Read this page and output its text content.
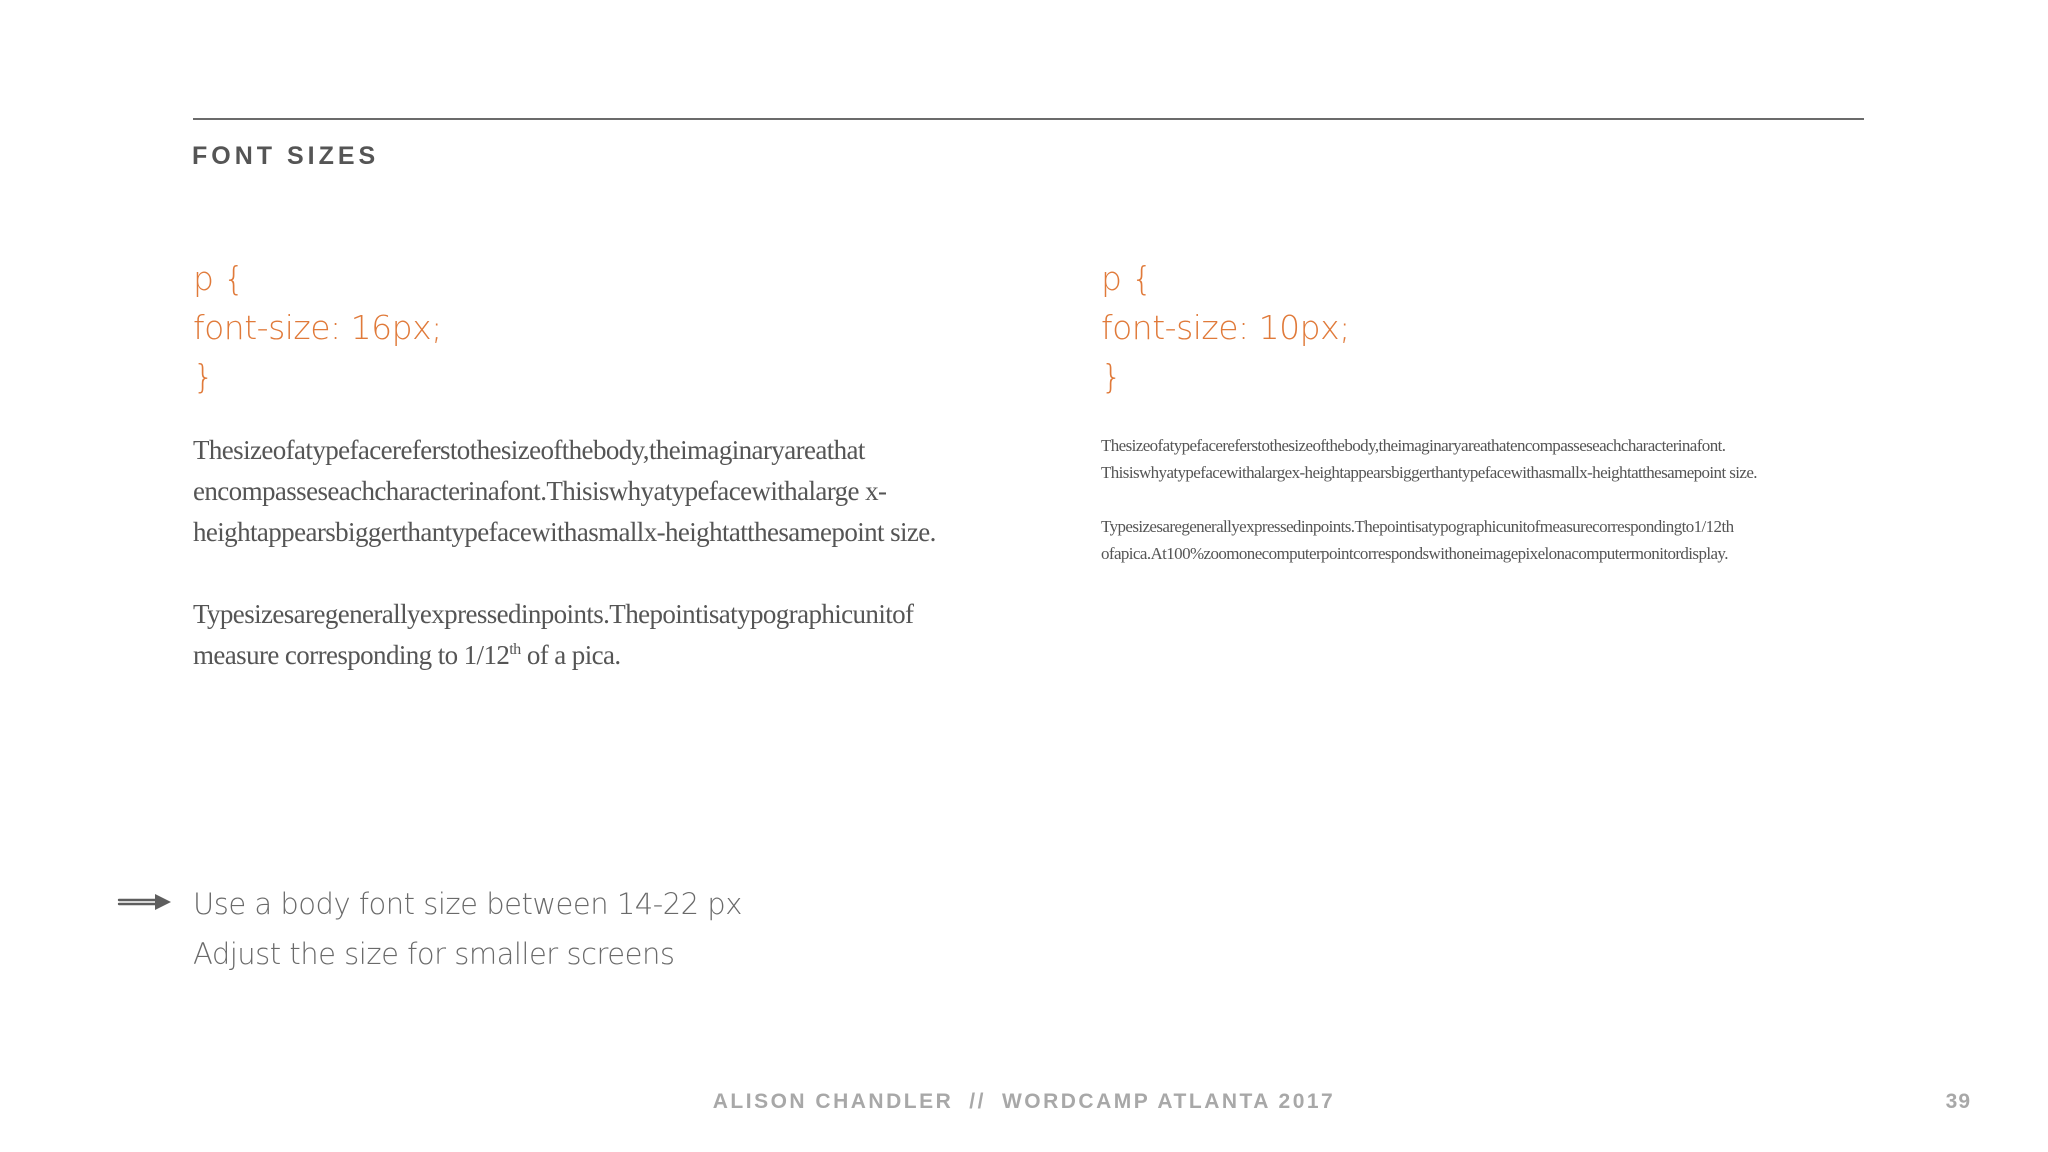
FONT SIZES
p {
font-size: 16px;
}
p {
font-size: 10px;
}

Thesizeofatypefacereferstothesizeofthebody,theimaginaryareathat encompasseseachcharacterinafont.Thisiswhyatypefacewithalarge x-heightappearsbiggerthantypefacewithasmallx-heightatthesamepoint size.

Typesizesaregenerallyexpressedinpoints.Thepointisatypographicunitof measure corresponding to 1/12th of a pica.

Thesizeofatypefacereferstothesizeofthebody,theimaginaryareathatencompasseseachcharacterinafont. Thisiswhyatypefacewithalargex-heightappearsbiggerthantypefacewithasmallx-heightatthesamepoint size.

Typesizesaregenerallyexpressedinpoints.Thepointisatypographicunitofmeasurecorrespondingto1/12th ofapica.At100%zoomonecomputerpointcorrespondswithoneimagepixelonacomputermonitordisplay.

Use a body font size between 14-22 px
Adjust the size for smaller screens
ALISON CHANDLER // WORDCAMP ATLANTA 2017	39
